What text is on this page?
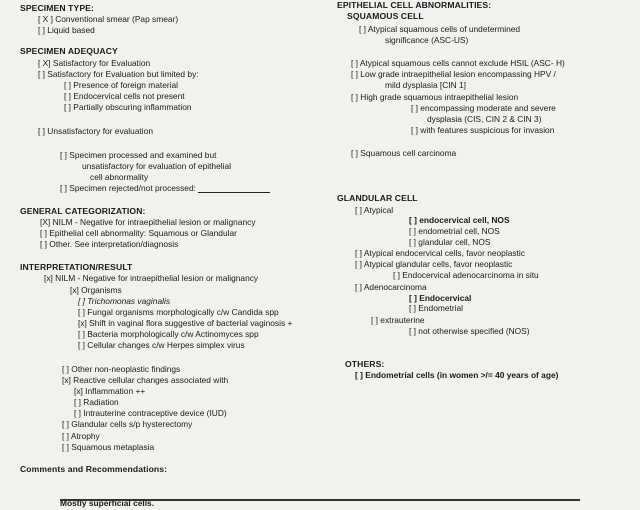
SPECIMEN TYPE:
[ X ] Conventional smear (Pap smear)
[ ] Liquid based
SPECIMEN ADEQUACY
[ X] Satisfactory for Evaluation
[ ] Satisfactory for Evaluation but limited by:
[ ] Presence of foreign material
[ ] Endocervical cells not present
[ ] Partially obscuring inflammation
[ ] Unsatisfactory for evaluation
[ ] Specimen processed and examined but
unsatisfactory for evaluation of epithelial
cell abnormality
[ ] Specimen rejected/not processed:
GENERAL CATEGORIZATION:
[X] NILM - Negative for intraepithelial lesion or malignancy
[ ] Epithelial cell abnormality: Squamous or Glandular
[ ] Other. See interpretation/diagnosis
INTERPRETATION/RESULT
[x] NILM - Negative for intraepithelial lesion or malignancy
[x] Organisms
[ ] Trichomonas vaginalis
[ ] Fungal organisms morphologically c/w Candida spp
[x] Shift in vaginal flora suggestive of bacterial vaginosis +
[ ] Bacteria morphologically c/w Actinomyces spp
[ ] Cellular changes c/w Herpes simplex virus
[ ] Other non-neoplastic findings
[x] Reactive cellular changes associated with
[x] Inflammation ++
[ ] Radiation
[ ] Intrauterine contraceptive device (IUD)
[ ] Glandular cells s/p hysterectomy
[ ] Atrophy
[ ] Squamous metaplasia
Comments and Recommendations:
Mostly superficial cells.
EPITHELIAL CELL ABNORMALITIES:
SQUAMOUS CELL
[ ] Atypical squamous cells of undetermined
significance (ASC-US)
[ ] Atypical squamous cells cannot exclude HSIL (ASC- H)
[ ] Low grade intraepithelial lesion encompassing HPV /
mild dysplasia [CIN 1]
[ ] High grade squamous intraepithelial lesion
[ ] encompassing moderate and severe
dysplasia (CIS, CIN 2 & CIN 3)
[ ] with features suspicious for invasion
[ ] Squamous cell carcinoma
GLANDULAR CELL
[ ] Atypical
[ ] endocervical cell, NOS
[ ] endometrial cell, NOS
[ ] glandular cell, NOS
[ ] Atypical endocervical cells, favor neoplastic
[ ] Atypical glandular cells, favor neoplastic
[ ] Endocervical adenocarcinoma in situ
[ ] Adenocarcinoma
[ ] Endocervical
[ ] Endometrial
[ ] extrauterine
[ ] not otherwise specified (NOS)
OTHERS:
[ ] Endometrial cells (in women >/= 40 years of age)
